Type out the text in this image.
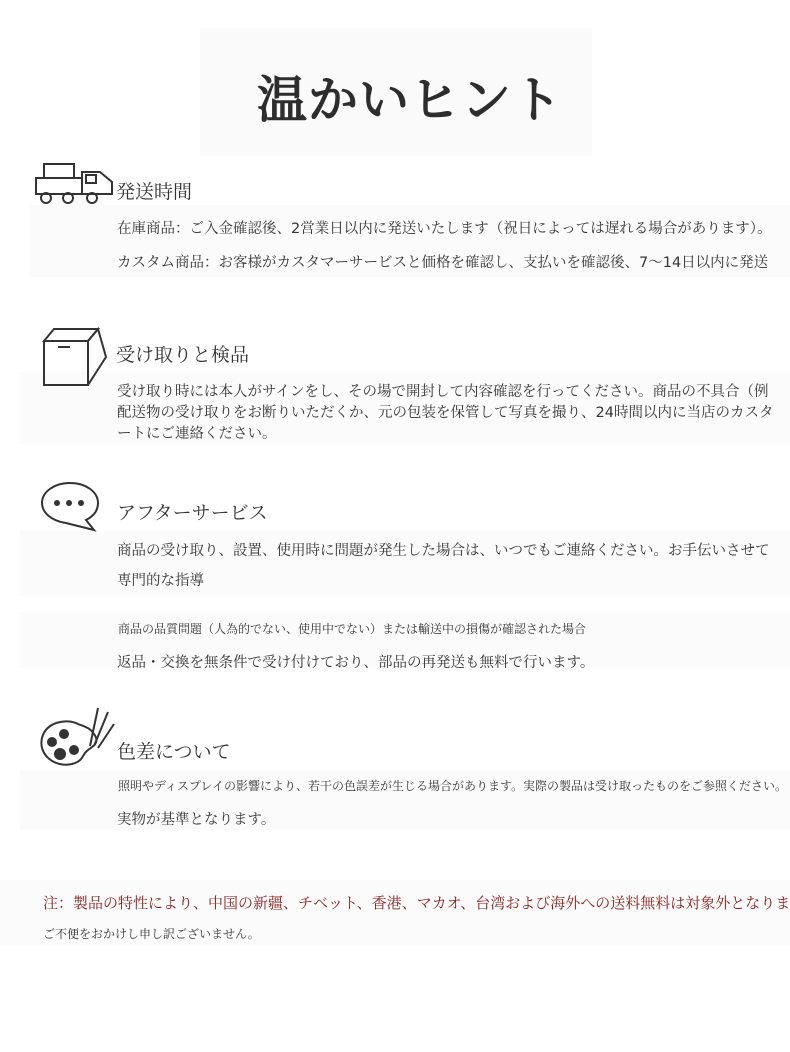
温かいヒント
発送時間
在庫商品：ご入金確認後、2営業日以内に発送いたします（祝日によっては遅れる場合があります）。
カスタム商品：お客様がカスタマーサービスと価格を確認し、支払いを確認後、7〜14日以内に発送
受け取りと検品
受け取り時には本人がサインをし、その場で開封して内容確認を行ってください。商品の不具合（例
配送物の受け取りをお断りいただくか、元の包装を保管して写真を撮り、24時間以内に当店のカスタ
ートにご連絡ください。
アフターサービス
商品の受け取り、設置、使用時に問題が発生した場合は、いつでもご連絡ください。お手伝いさせて
専門的な指導
商品の品質問題（人為的でない、使用中でない）または輸送中の損傷が確認された場合
返品・交換を無条件で受け付けており、部品の再発送も無料で行います。
色差について
照明やディスプレイの影響により、若干の色誤差が生じる場合があります。実際の製品は受け取ったものをご参照ください。
実物が基準となります。
注：製品の特性により、中国の新疆、チベット、香港、マカオ、台湾および海外への送料無料は対象外となりま
ご不便をおかけし申し訳ございません。
